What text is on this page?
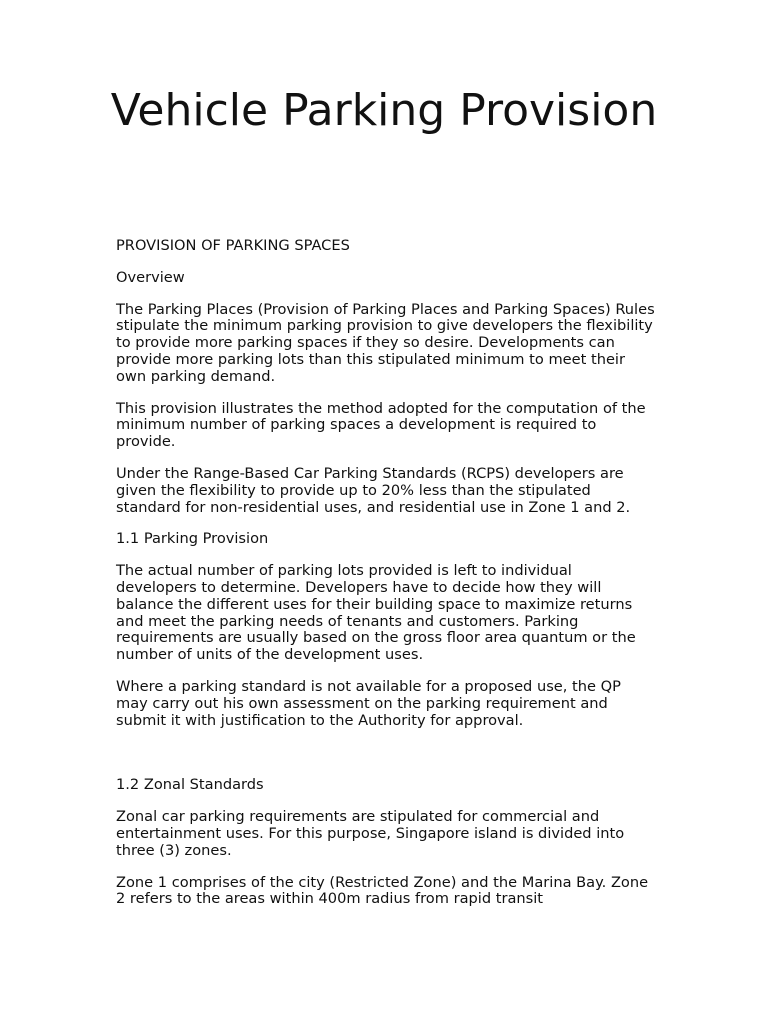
Vehicle Parking Provision

PROVISION OF PARKING SPACES

Overview

The Parking Places (Provision of Parking Places and Parking Spaces) Rules stipulate the minimum parking provision to give developers the flexibility to provide more parking spaces if they so desire. Developments can provide more parking lots than this stipulated minimum to meet their own parking demand.

This provision illustrates the method adopted for the computation of the minimum number of parking spaces a development is required to provide.

Under the Range-Based Car Parking Standards (RCPS) developers are given the flexibility to provide up to 20% less than the stipulated standard for non-residential uses, and residential use in Zone 1 and 2.

1.1 Parking Provision

The actual number of parking lots provided is left to individual developers to determine. Developers have to decide how they will balance the different uses for their building space to maximize returns and meet the parking needs of tenants and customers. Parking requirements are usually based on the gross floor area quantum or the number of units of the development uses.

Where a parking standard is not available for a proposed use, the QP may carry out his own assessment on the parking requirement and submit it with justification to the Authority for approval.

1.2 Zonal Standards

Zonal car parking requirements are stipulated for commercial and entertainment uses. For this purpose, Singapore island is divided into three (3) zones.

Zone 1 comprises of the city (Restricted Zone) and the Marina Bay. Zone 2 refers to the areas within 400m radius from rapid transit
